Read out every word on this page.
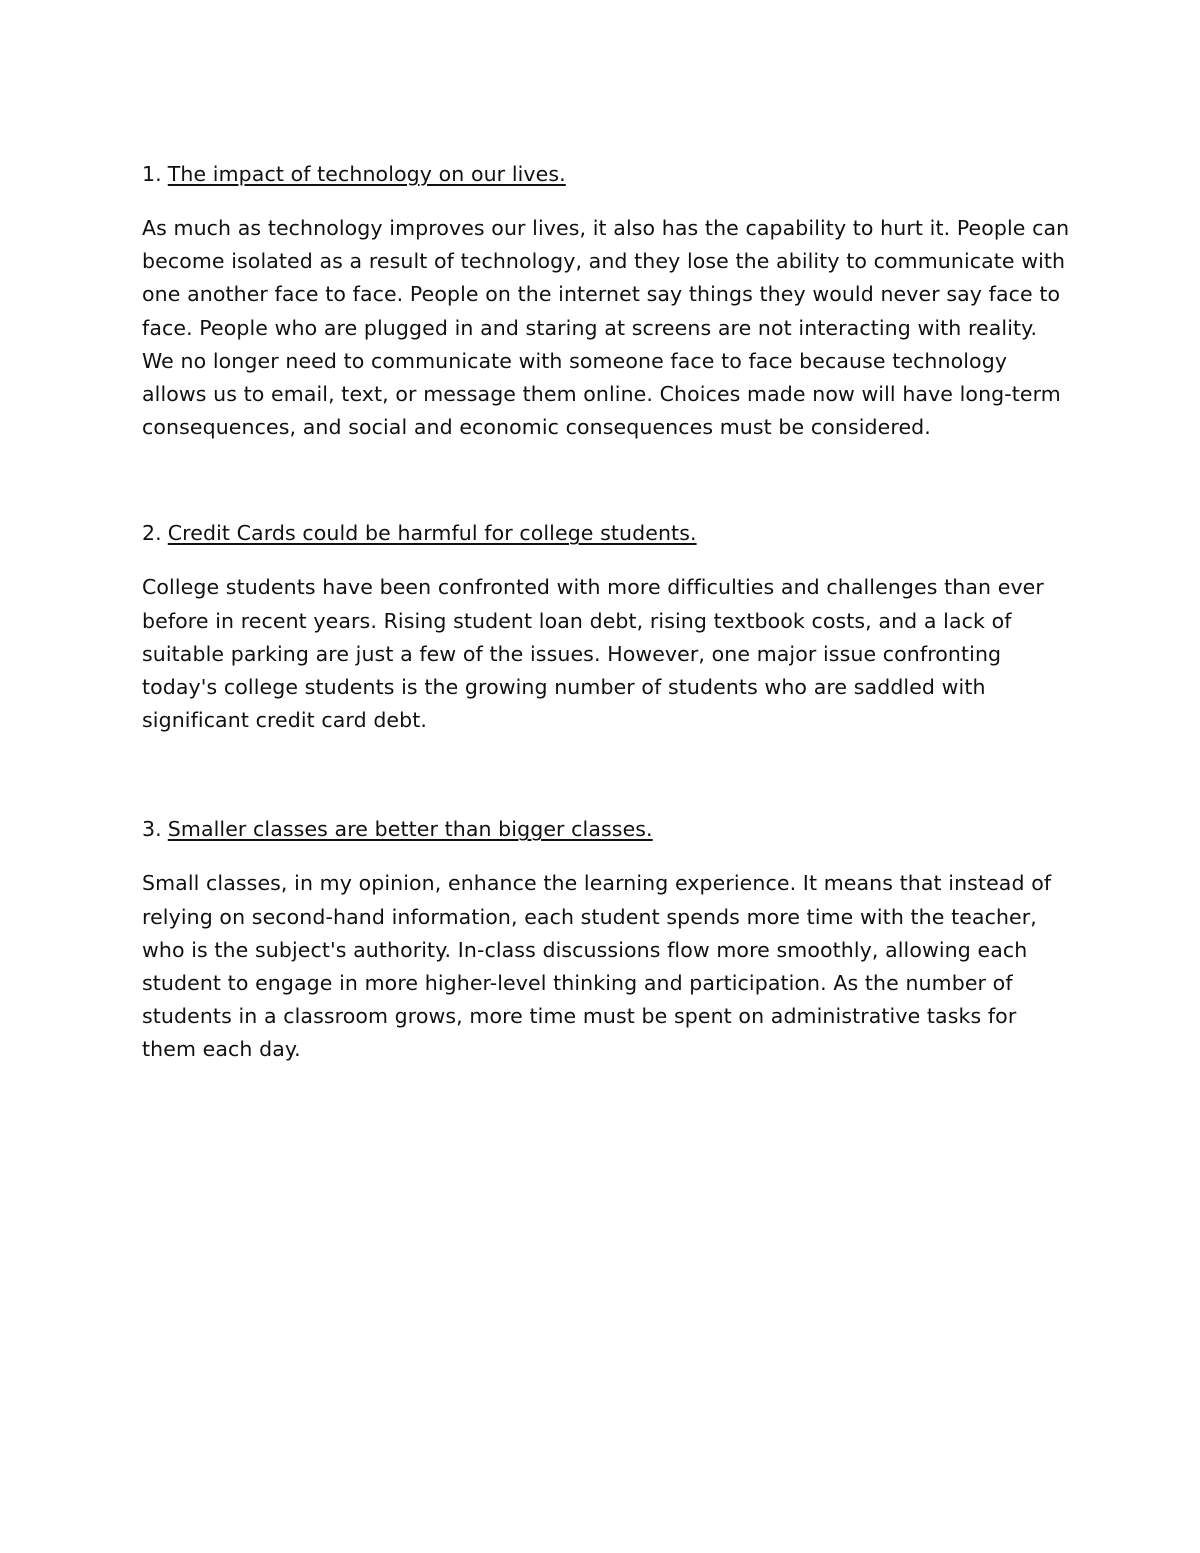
1. The impact of technology on our lives.

As much as technology improves our lives, it also has the capability to hurt it. People can become isolated as a result of technology, and they lose the ability to communicate with one another face to face. People on the internet say things they would never say face to face. People who are plugged in and staring at screens are not interacting with reality. We no longer need to communicate with someone face to face because technology allows us to email, text, or message them online. Choices made now will have long-term consequences, and social and economic consequences must be considered.

2. Credit Cards could be harmful for college students.

College students have been confronted with more difficulties and challenges than ever before in recent years. Rising student loan debt, rising textbook costs, and a lack of suitable parking are just a few of the issues. However, one major issue confronting today's college students is the growing number of students who are saddled with significant credit card debt.

3. Smaller classes are better than bigger classes.

Small classes, in my opinion, enhance the learning experience. It means that instead of relying on second-hand information, each student spends more time with the teacher, who is the subject's authority. In-class discussions flow more smoothly, allowing each student to engage in more higher-level thinking and participation. As the number of students in a classroom grows, more time must be spent on administrative tasks for them each day.
